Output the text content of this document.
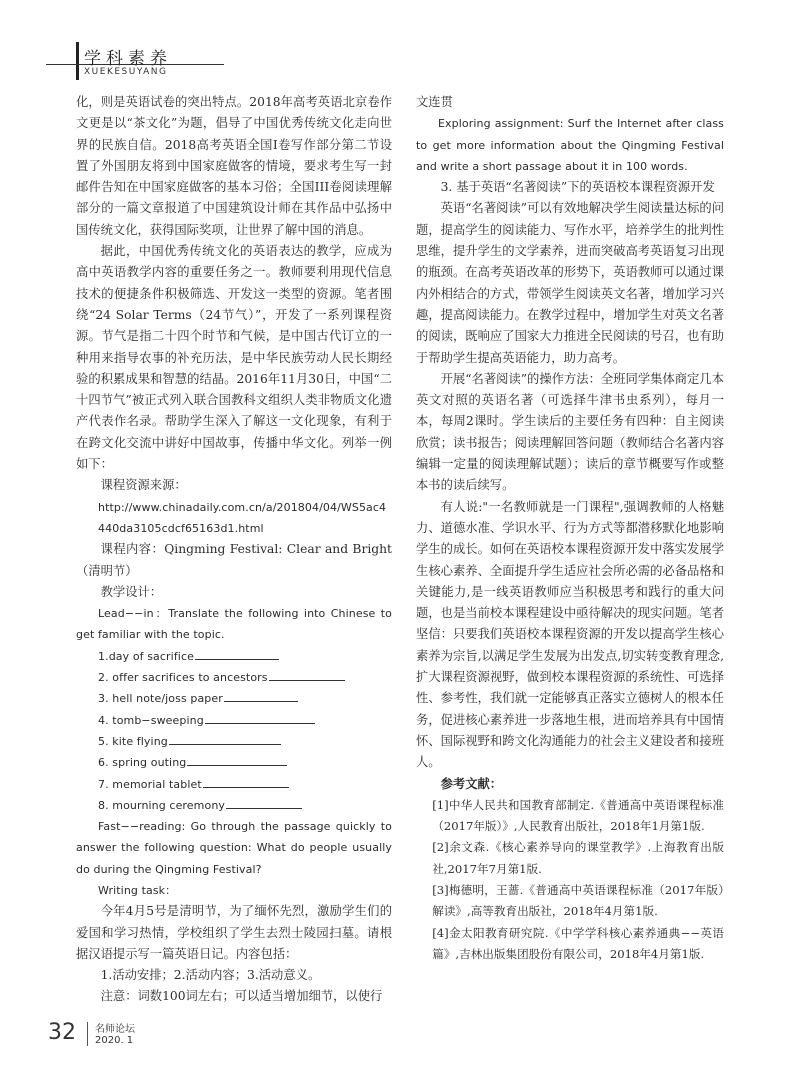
学科素养
XUEKESUYANG

化，则是英语试卷的突出特点。2018年高考英语北京卷作文更是以“茶文化”为题，倡导了中国优秀传统文化走向世界的民族自信。2018高考英语全国I卷写作部分第二节设置了外国朋友将到中国家庭做客的情境，要求考生写一封邮件告知在中国家庭做客的基本习俗；全国III卷阅读理解部分的一篇文章报道了中国建筑设计师在其作品中弘扬中国传统文化，获得国际奖项，让世界了解中国的消息。

据此，中国优秀传统文化的英语表达的教学，应成为高中英语教学内容的重要任务之一。教师要利用现代信息技术的便捷条件积极筛选、开发这一类型的资源。笔者围绕“24 Solar Terms（24节气）”，开发了一系列课程资源。节气是指二十四个时节和气候，是中国古代订立的一种用来指导农事的补充历法，是中华民族劳动人民长期经验的积累成果和智慧的结晶。2016年11月30日，中国“二十四节气”被正式列入联合国教科文组织人类非物质文化遗产代表作名录。帮助学生深入了解这一文化现象，有利于在跨文化交流中讲好中国故事，传播中华文化。列举一例如下：

课程资源来源：

http://www.chinadaily.com.cn/a/201804/04/WS5ac4440da3105cdcf65163d1.html

课程内容：Qingming Festival: Clear and Bright（清明节）

教学设计：

Lead−−in：Translate the following into Chinese to get familiar with the topic.

1.day of sacrifice

2. offer sacrifices to ancestors

3. hell note/joss paper

4. tomb−sweeping

5. kite flying

6. spring outing

7. memorial tablet

8. mourning ceremony

Fast−−reading: Go through the passage quickly to answer the following question: What do people usually do during the Qingming Festival?

Writing task：

今年4月5号是清明节，为了缅怀先烈，激励学生们的爱国和学习热情，学校组织了学生去烈士陵园扫墓。请根据汉语提示写一篇英语日记。内容包括：

1.活动安排；2.活动内容；3.活动意义。

注意：词数100词左右；可以适当增加细节，以使行

文连贯

Exploring assignment: Surf the Internet after class to get more information about the Qingming Festival and write a short passage about it in 100 words.

3. 基于英语“名著阅读”下的英语校本课程资源开发

英语“名著阅读”可以有效地解决学生阅读量达标的问题，提高学生的阅读能力、写作水平，培养学生的批判性思维，提升学生的文学素养，进而突破高考英语复习出现的瓶颈。在高考英语改革的形势下，英语教师可以通过课内外相结合的方式，带领学生阅读英文名著，增加学习兴趣，提高阅读能力。在教学过程中，增加学生对英文名著的阅读，既响应了国家大力推进全民阅读的号召，也有助于帮助学生提高英语能力，助力高考。

开展“名著阅读”的操作方法：全班同学集体商定几本英文对照的英语名著（可选择牛津书虫系列），每月一本，每周2课时。学生读后的主要任务有四种：自主阅读欣赏；读书报告；阅读理解回答问题（教师结合名著内容编辑一定量的阅读理解试题）；读后的章节概要写作或整本书的读后续写。

有人说:"一名教师就是一门课程",强调教师的人格魅力、道德水准、学识水平、行为方式等都潜移默化地影响学生的成长。如何在英语校本课程资源开发中落实发展学生核心素养、全面提升学生适应社会所必需的必备品格和关键能力,是一线英语教师应当积极思考和践行的重大问题，也是当前校本课程建设中亟待解决的现实问题。笔者坚信：只要我们英语校本课程资源的开发以提高学生核心素养为宗旨,以满足学生发展为出发点,切实转变教育理念,扩大课程资源视野，做到校本课程资源的系统性、可选择性、参考性，我们就一定能够真正落实立德树人的根本任务，促进核心素养进一步落地生根，进而培养具有中国情怀、国际视野和跨文化沟通能力的社会主义建设者和接班人。

参考文献：

[1]中华人民共和国教育部制定.《普通高中英语课程标准（2017年版）》,人民教育出版社，2018年1月第1版.

[2]余文森.《核心素养导向的课堂教学》.上海教育出版社,2017年7月第1版.

[3]梅德明，王蔷.《普通高中英语课程标准（2017年版）解读》,高等教育出版社，2018年4月第1版.

[4]金太阳教育研究院.《中学学科核心素养通典−−英语篇》,吉林出版集团股份有限公司，2018年4月第1版.

32 名师论坛
2020. 1
